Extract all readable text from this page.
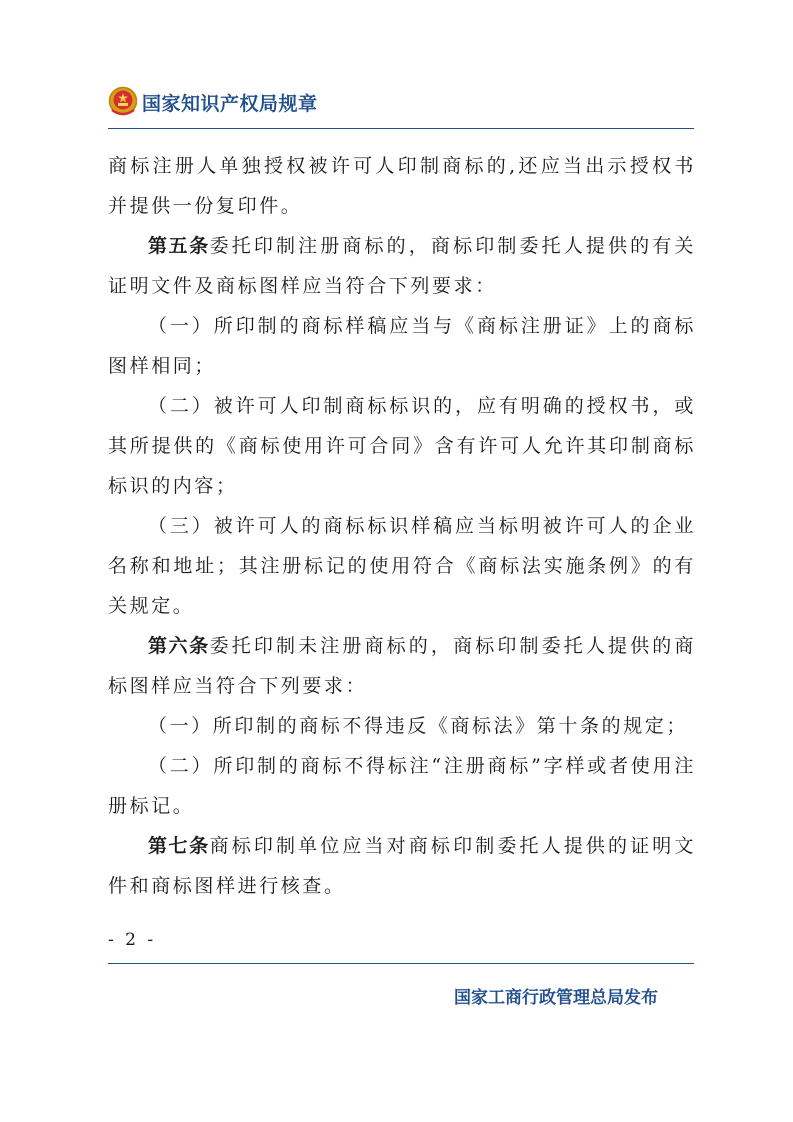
国家知识产权局规章

商标注册人单独授权被许可人印制商标的,还应当出示授权书并提供一份复印件。

第五条委托印制注册商标的，商标印制委托人提供的有关证明文件及商标图样应当符合下列要求：

（一）所印制的商标样稿应当与《商标注册证》上的商标图样相同；

（二）被许可人印制商标标识的，应有明确的授权书，或其所提供的《商标使用许可合同》含有许可人允许其印制商标标识的内容；

（三）被许可人的商标标识样稿应当标明被许可人的企业名称和地址；其注册标记的使用符合《商标法实施条例》的有关规定。

第六条委托印制未注册商标的，商标印制委托人提供的商标图样应当符合下列要求：

（一）所印制的商标不得违反《商标法》第十条的规定；

（二）所印制的商标不得标注“注册商标”字样或者使用注册标记。

第七条商标印制单位应当对商标印制委托人提供的证明文件和商标图样进行核查。

- 2 -
国家工商行政管理总局发布
